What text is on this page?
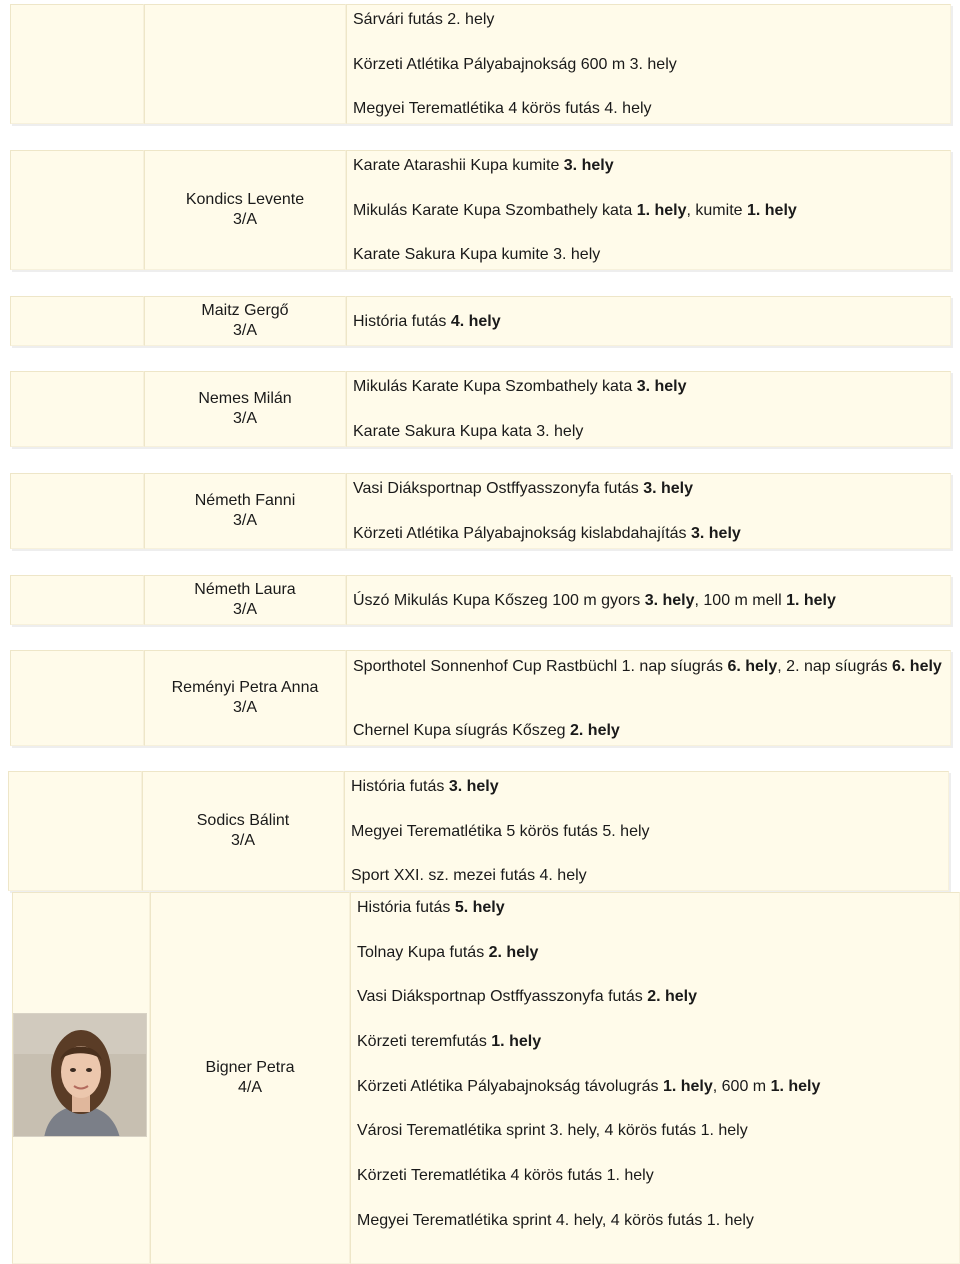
Sárvári futás 2. hely
Körzeti Atlétika Pályabajnokság 600 m 3. hely
Megyei Terematlétika 4 körös futás 4. hely
Kondics Levente
3/A
Karate Atarashii Kupa kumite 3. hely
Mikulás Karate Kupa Szombathely kata 1. hely, kumite 1. hely
Karate Sakura Kupa kumite 3. hely
Maitz Gergő
3/A
História futás 4. hely
Nemes Milán
3/A
Mikulás Karate Kupa Szombathely kata 3. hely
Karate Sakura Kupa kata 3. hely
Németh Fanni
3/A
Vasi Diáksportnap Ostffyasszonyfa futás 3. hely
Körzeti Atlétika Pályabajnokság kislabdahajítás 3. hely
Németh Laura
3/A
Úszó Mikulás Kupa Kőszeg 100 m gyors 3. hely, 100 m mell 1. hely
Reményi Petra Anna
3/A
Sporthotel Sonnenhof Cup Rastbüchl 1. nap síugrás 6. hely, 2. nap síugrás 6. hely
Chernel Kupa síugrás Kőszeg 2. hely
Sodics Bálint
3/A
História futás 3. hely
Megyei Terematlétika 5 körös futás 5. hely
Sport XXI. sz. mezei futás 4. hely
Bigner Petra
4/A
História futás 5. hely
Tolnay Kupa futás 2. hely
Vasi Diáksportnap Ostffyasszonyfa futás 2. hely
Körzeti teremfutás 1. hely
Körzeti Atlétika Pályabajnokság távolugrás 1. hely, 600 m 1. hely
Városi Terematlétika sprint 3. hely, 4 körös futás 1. hely
Körzeti Terematlétika 4 körös futás 1. hely
Megyei Terematlétika sprint 4. hely, 4 körös futás 1. hely
